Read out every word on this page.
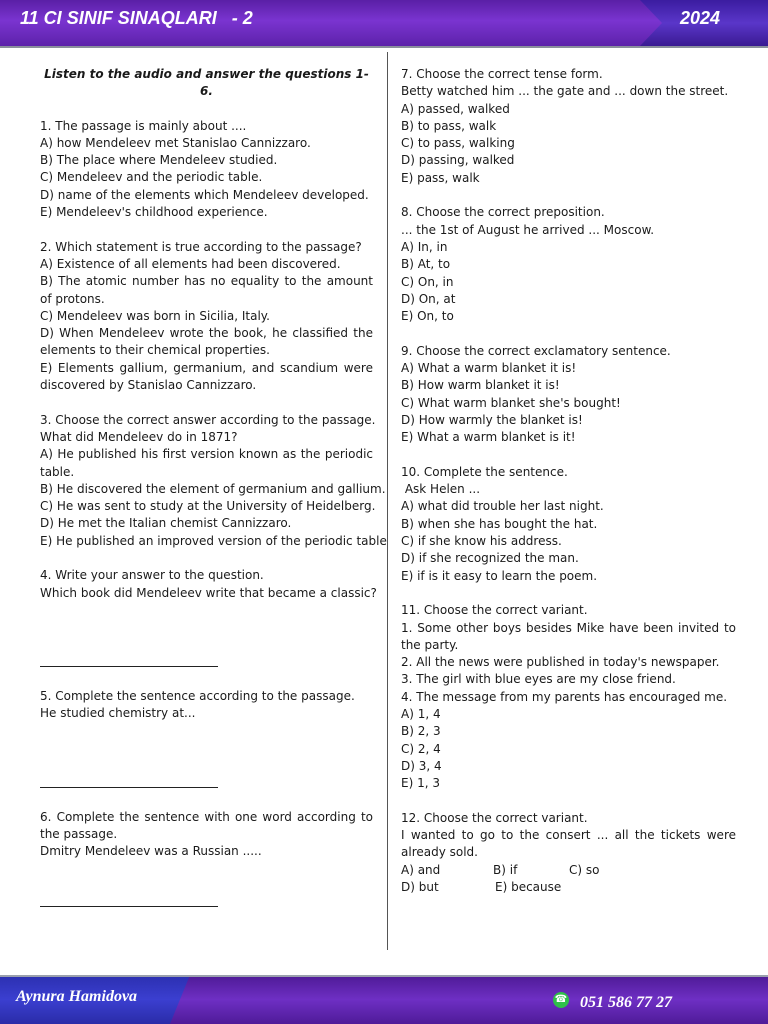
11 CI SINIF SINAQLARI   - 2	2024
Listen to the audio and answer the questions 1-6.
1. The passage is mainly about ....
A) how Mendeleev met Stanislao Cannizzaro.
B) The place where Mendeleev studied.
C) Mendeleev and the periodic table.
D) name of the elements which Mendeleev developed.
E) Mendeleev's childhood experience.
2. Which statement is true according to the passage?
A) Existence of all elements had been discovered.
B) The atomic number has no equality to the amount of protons.
C) Mendeleev was born in Sicilia, Italy.
D) When Mendeleev wrote the book, he classified the elements to their chemical properties.
E) Elements gallium, germanium, and scandium were discovered by Stanislao Cannizzaro.
3. Choose the correct answer according to the passage.
What did Mendeleev do in 1871?
A) He published his first version known as the periodic table.
B) He discovered the element of germanium and gallium.
C) He was sent to study at the University of Heidelberg.
D) He met the Italian chemist Cannizzaro.
E) He published an improved version of the periodic table
4. Write your answer to the question.
Which book did Mendeleev write that became a classic?
5. Complete the sentence according to the passage.
He studied chemistry at...
6. Complete the sentence with one word according to the passage.
Dmitry Mendeleev was a Russian .....
7. Choose the correct tense form.
Betty watched him ... the gate and ... down the street.
A) passed, walked
B) to pass, walk
C) to pass, walking
D) passing, walked
E) pass, walk
8. Choose the correct preposition.
... the 1st of August he arrived ... Moscow.
A) In, in
B) At, to
C) On, in
D) On, at
E) On, to
9. Choose the correct exclamatory sentence.
A) What a warm blanket it is!
B) How warm blanket it is!
C) What warm blanket she's bought!
D) How warmly the blanket is!
E) What a warm blanket is it!
10. Complete the sentence.
Ask Helen ...
A) what did trouble her last night.
B) when she has bought the hat.
C) if she know his address.
D) if she recognized the man.
E) if is it easy to learn the poem.
11. Choose the correct variant.
1. Some other boys besides Mike have been invited to the party.
2. All the news were published in today's newspaper.
3. The girl with blue eyes are my close friend.
4. The message from my parents has encouraged me.
A) 1, 4
B) 2, 3
C) 2, 4
D) 3, 4
E) 1, 3
12. Choose the correct variant.
I wanted to go to the consert ... all the tickets were already sold.
A) and	B) if	C) so
D) but	E) because
Aynura Hamidova	☎ 051 586 77 27
